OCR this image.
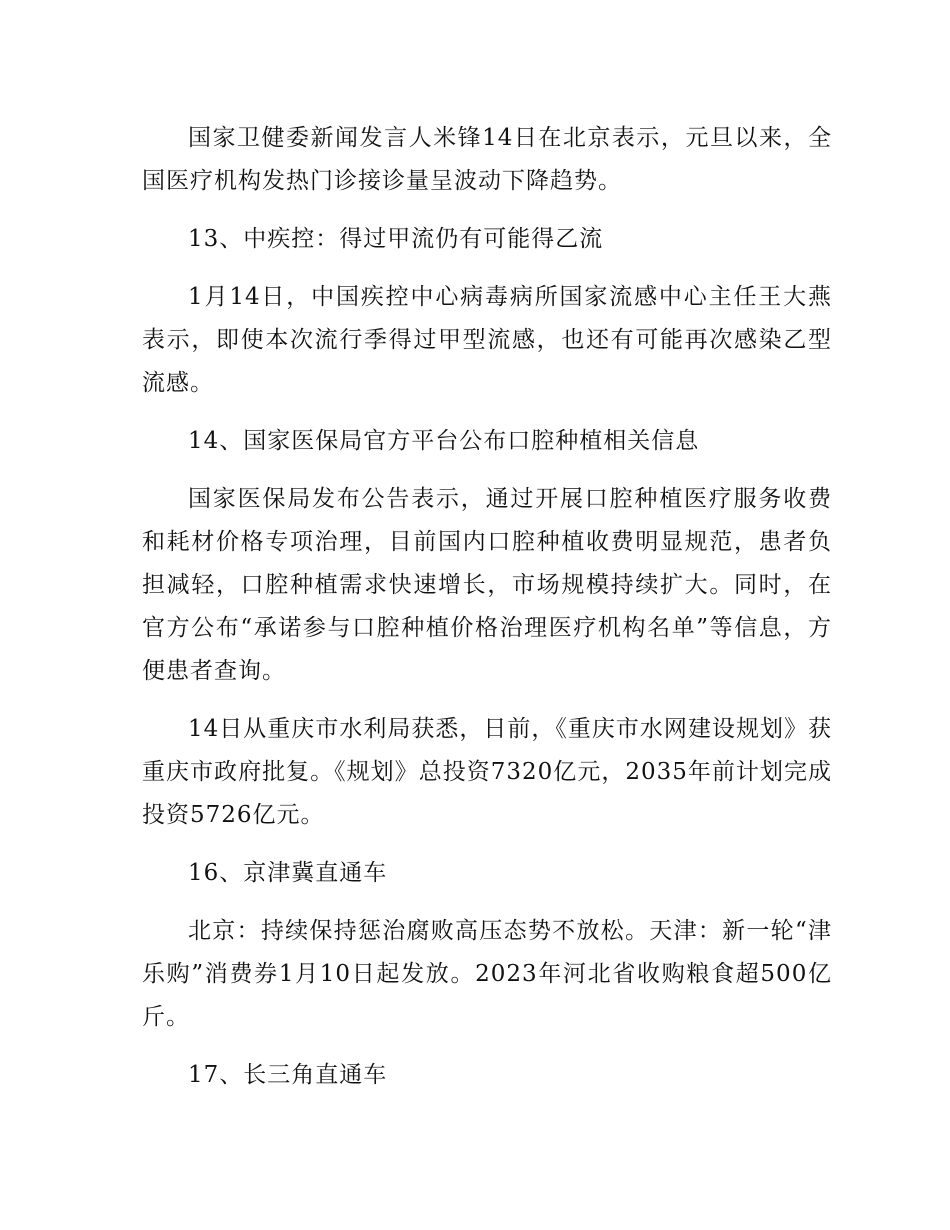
国家卫健委新闻发言人米锋14日在北京表示，元旦以来，全国医疗机构发热门诊接诊量呈波动下降趋势。

13、中疾控：得过甲流仍有可能得乙流

1月14日，中国疾控中心病毒病所国家流感中心主任王大燕表示，即使本次流行季得过甲型流感，也还有可能再次感染乙型流感。

14、国家医保局官方平台公布口腔种植相关信息

国家医保局发布公告表示，通过开展口腔种植医疗服务收费和耗材价格专项治理，目前国内口腔种植收费明显规范，患者负担减轻，口腔种植需求快速增长，市场规模持续扩大。同时，在官方公布“承诺参与口腔种植价格治理医疗机构名单”等信息，方便患者查询。

14日从重庆市水利局获悉，日前，《重庆市水网建设规划》获重庆市政府批复。《规划》总投资7320亿元，2035年前计划完成投资5726亿元。

16、京津冀直通车

北京：持续保持惩治腐败高压态势不放松。天津：新一轮“津乐购”消费券1月10日起发放。2023年河北省收购粮食超500亿斤。

17、长三角直通车
